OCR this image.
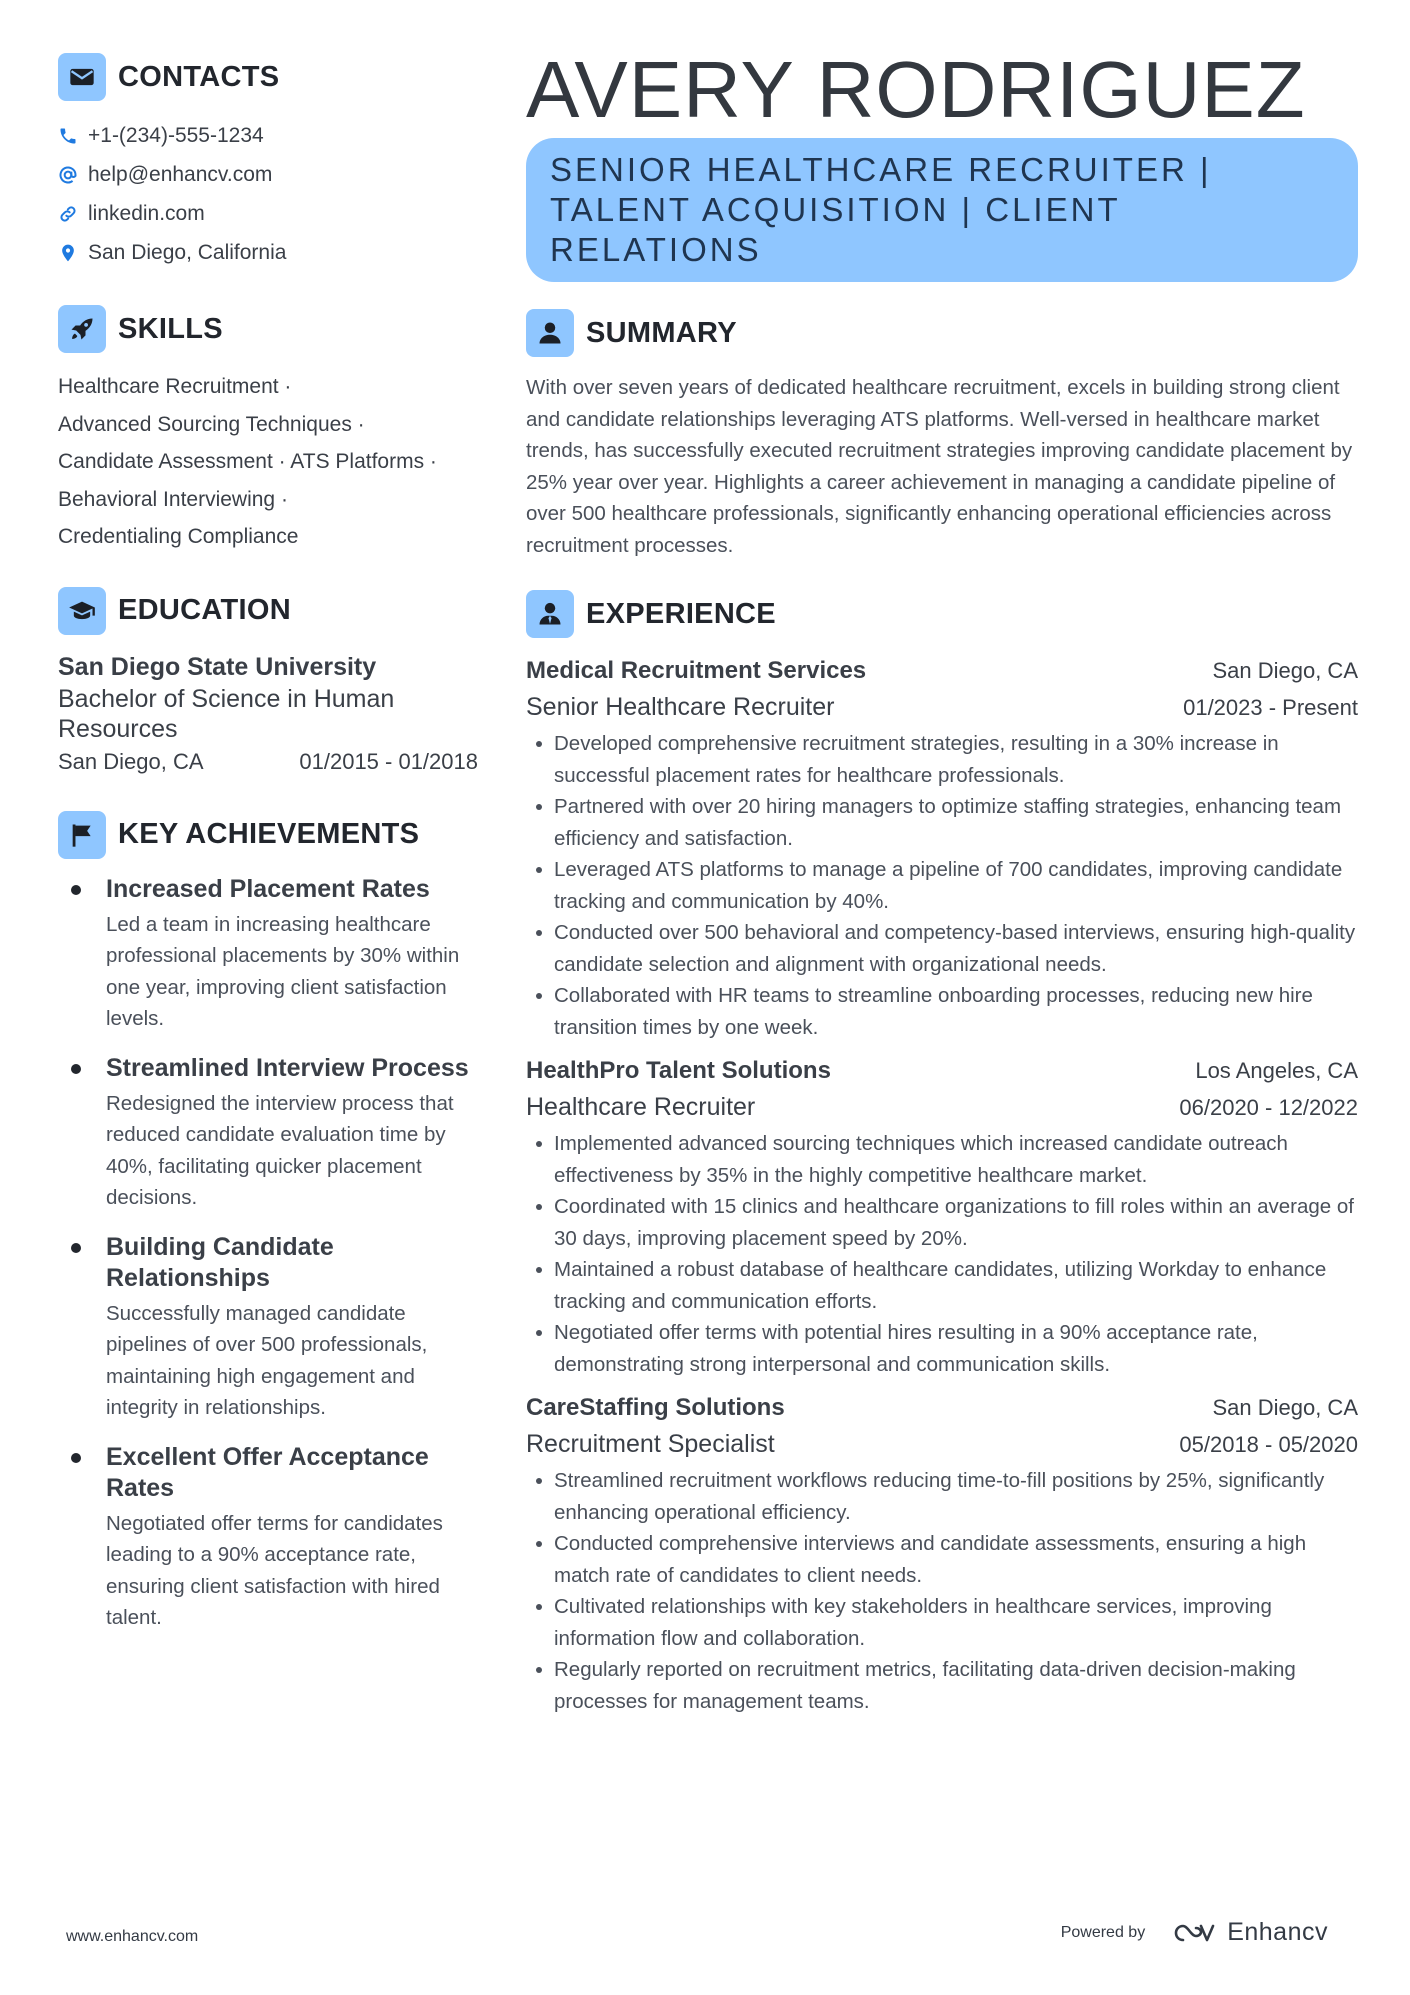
CONTACTS
+1-(234)-555-1234
help@enhancv.com
linkedin.com
San Diego, California
SKILLS
Healthcare Recruitment ·
Advanced Sourcing Techniques ·
Candidate Assessment · ATS Platforms ·
Behavioral Interviewing ·
Credentialing Compliance
EDUCATION
San Diego State University
Bachelor of Science in Human Resources
San Diego, CA	01/2015 - 01/2018
KEY ACHIEVEMENTS
Increased Placement Rates
Led a team in increasing healthcare professional placements by 30% within one year, improving client satisfaction levels.
Streamlined Interview Process
Redesigned the interview process that reduced candidate evaluation time by 40%, facilitating quicker placement decisions.
Building Candidate Relationships
Successfully managed candidate pipelines of over 500 professionals, maintaining high engagement and integrity in relationships.
Excellent Offer Acceptance Rates
Negotiated offer terms for candidates leading to a 90% acceptance rate, ensuring client satisfaction with hired talent.
AVERY RODRIGUEZ
SENIOR HEALTHCARE RECRUITER | TALENT ACQUISITION | CLIENT RELATIONS
SUMMARY
With over seven years of dedicated healthcare recruitment, excels in building strong client and candidate relationships leveraging ATS platforms. Well-versed in healthcare market trends, has successfully executed recruitment strategies improving candidate placement by 25% year over year. Highlights a career achievement in managing a candidate pipeline of over 500 healthcare professionals, significantly enhancing operational efficiencies across recruitment processes.
EXPERIENCE
Medical Recruitment Services	San Diego, CA
Senior Healthcare Recruiter	01/2023 - Present
Developed comprehensive recruitment strategies, resulting in a 30% increase in successful placement rates for healthcare professionals.
Partnered with over 20 hiring managers to optimize staffing strategies, enhancing team efficiency and satisfaction.
Leveraged ATS platforms to manage a pipeline of 700 candidates, improving candidate tracking and communication by 40%.
Conducted over 500 behavioral and competency-based interviews, ensuring high-quality candidate selection and alignment with organizational needs.
Collaborated with HR teams to streamline onboarding processes, reducing new hire transition times by one week.
HealthPro Talent Solutions	Los Angeles, CA
Healthcare Recruiter	06/2020 - 12/2022
Implemented advanced sourcing techniques which increased candidate outreach effectiveness by 35% in the highly competitive healthcare market.
Coordinated with 15 clinics and healthcare organizations to fill roles within an average of 30 days, improving placement speed by 20%.
Maintained a robust database of healthcare candidates, utilizing Workday to enhance tracking and communication efforts.
Negotiated offer terms with potential hires resulting in a 90% acceptance rate, demonstrating strong interpersonal and communication skills.
CareStaffing Solutions	San Diego, CA
Recruitment Specialist	05/2018 - 05/2020
Streamlined recruitment workflows reducing time-to-fill positions by 25%, significantly enhancing operational efficiency.
Conducted comprehensive interviews and candidate assessments, ensuring a high match rate of candidates to client needs.
Cultivated relationships with key stakeholders in healthcare services, improving information flow and collaboration.
Regularly reported on recruitment metrics, facilitating data-driven decision-making processes for management teams.
www.enhancv.com	Powered by	Enhancv
